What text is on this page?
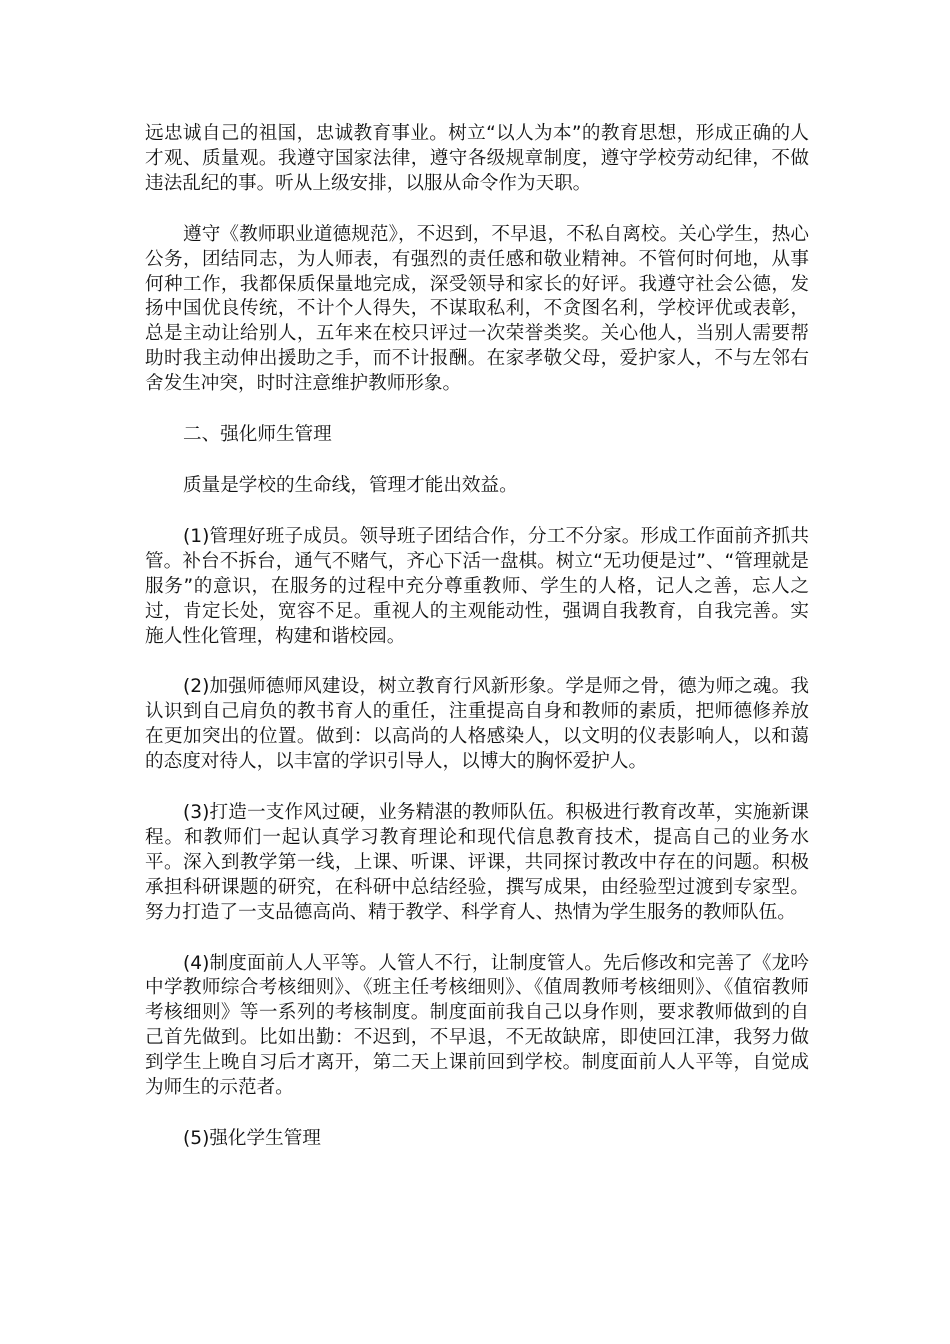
远忠诚自己的祖国，忠诚教育事业。树立“以人为本”的教育思想，形成正确的人才观、质量观。我遵守国家法律，遵守各级规章制度，遵守学校劳动纪律，不做违法乱纪的事。听从上级安排，以服从命令作为天职。

遵守《教师职业道德规范》，不迟到，不早退，不私自离校。关心学生，热心公务，团结同志，为人师表，有强烈的责任感和敬业精神。不管何时何地，从事何种工作，我都保质保量地完成，深受领导和家长的好评。我遵守社会公德，发扬中国优良传统，不计个人得失，不谋取私利，不贪图名利，学校评优或表彰，总是主动让给别人，五年来在校只评过一次荣誉类奖。关心他人，当别人需要帮助时我主动伸出援助之手，而不计报酬。在家孝敬父母，爱护家人，不与左邻右舍发生冲突，时时注意维护教师形象。

二、强化师生管理

质量是学校的生命线，管理才能出效益。

(1)管理好班子成员。领导班子团结合作，分工不分家。形成工作面前齐抓共管。补台不拆台，通气不赌气，齐心下活一盘棋。树立“无功便是过”、“管理就是服务”的意识，在服务的过程中充分尊重教师、学生的人格，记人之善，忘人之过，肯定长处，宽容不足。重视人的主观能动性，强调自我教育，自我完善。实施人性化管理，构建和谐校园。

(2)加强师德师风建设，树立教育行风新形象。学是师之骨，德为师之魂。我认识到自己肩负的教书育人的重任，注重提高自身和教师的素质，把师德修养放在更加突出的位置。做到：以高尚的人格感染人，以文明的仪表影响人，以和蔼的态度对待人，以丰富的学识引导人，以博大的胸怀爱护人。

(3)打造一支作风过硬，业务精湛的教师队伍。积极进行教育改革，实施新课程。和教师们一起认真学习教育理论和现代信息教育技术，提高自己的业务水平。深入到教学第一线，上课、听课、评课，共同探讨教改中存在的问题。积极承担科研课题的研究，在科研中总结经验，撰写成果，由经验型过渡到专家型。努力打造了一支品德高尚、精于教学、科学育人、热情为学生服务的教师队伍。

(4)制度面前人人平等。人管人不行，让制度管人。先后修改和完善了《龙吟中学教师综合考核细则》、《班主任考核细则》、《值周教师考核细则》、《值宿教师考核细则》等一系列的考核制度。制度面前我自己以身作则，要求教师做到的自己首先做到。比如出勤：不迟到，不早退，不无故缺席，即使回江津，我努力做到学生上晚自习后才离开，第二天上课前回到学校。制度面前人人平等，自觉成为师生的示范者。

(5)强化学生管理
